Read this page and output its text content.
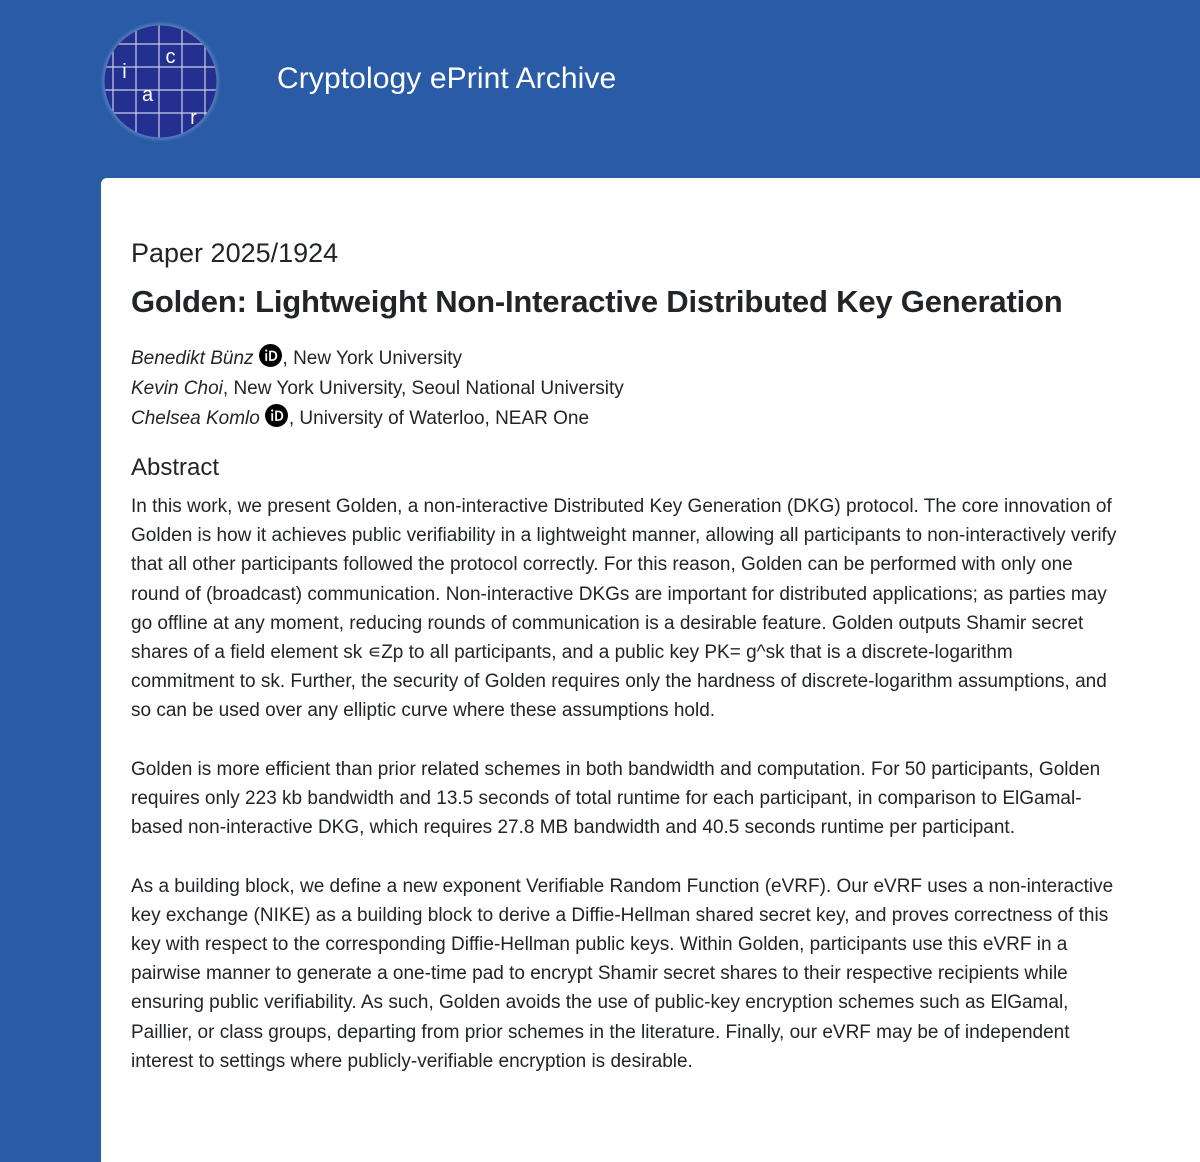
c
i
a
r
Cryptology ePrint Archive
Paper 2025/1924
Golden: Lightweight Non-Interactive Distributed Key Generation
Benedikt Bünz , New York University
Kevin Choi , New York University, Seoul National University
Chelsea Komlo , University of Waterloo, NEAR One
Abstract

In this work, we present Golden, a non-interactive Distributed Key Generation (DKG) protocol. The core innovation of Golden is how it achieves public verifiability in a lightweight manner, allowing all participants to non-interactively verify that all other participants followed the protocol correctly. For this reason, Golden can be performed with only one round of (broadcast) communication. Non-interactive DKGs are important for distributed applications; as parties may go offline at any moment, reducing rounds of communication is a desirable feature. Golden outputs Shamir secret shares of a field element sk ∊Zp to all participants, and a public key PK= g^sk that is a discrete-logarithm commitment to sk. Further, the security of Golden requires only the hardness of discrete-logarithm assumptions, and so can be used over any elliptic curve where these assumptions hold.

Golden is more efficient than prior related schemes in both bandwidth and computation. For 50 participants, Golden requires only 223 kb bandwidth and 13.5 seconds of total runtime for each participant, in comparison to ElGamal-based non-interactive DKG, which requires 27.8 MB bandwidth and 40.5 seconds runtime per participant.

As a building block, we define a new exponent Verifiable Random Function (eVRF). Our eVRF uses a non-interactive key exchange (NIKE) as a building block to derive a Diffie-Hellman shared secret key, and proves correctness of this key with respect to the corresponding Diffie-Hellman public keys. Within Golden, participants use this eVRF in a pairwise manner to generate a one-time pad to encrypt Shamir secret shares to their respective recipients while ensuring public verifiability. As such, Golden avoids the use of public-key encryption schemes such as ElGamal, Paillier, or class groups, departing from prior schemes in the literature. Finally, our eVRF may be of independent interest to settings where publicly-verifiable encryption is desirable.
